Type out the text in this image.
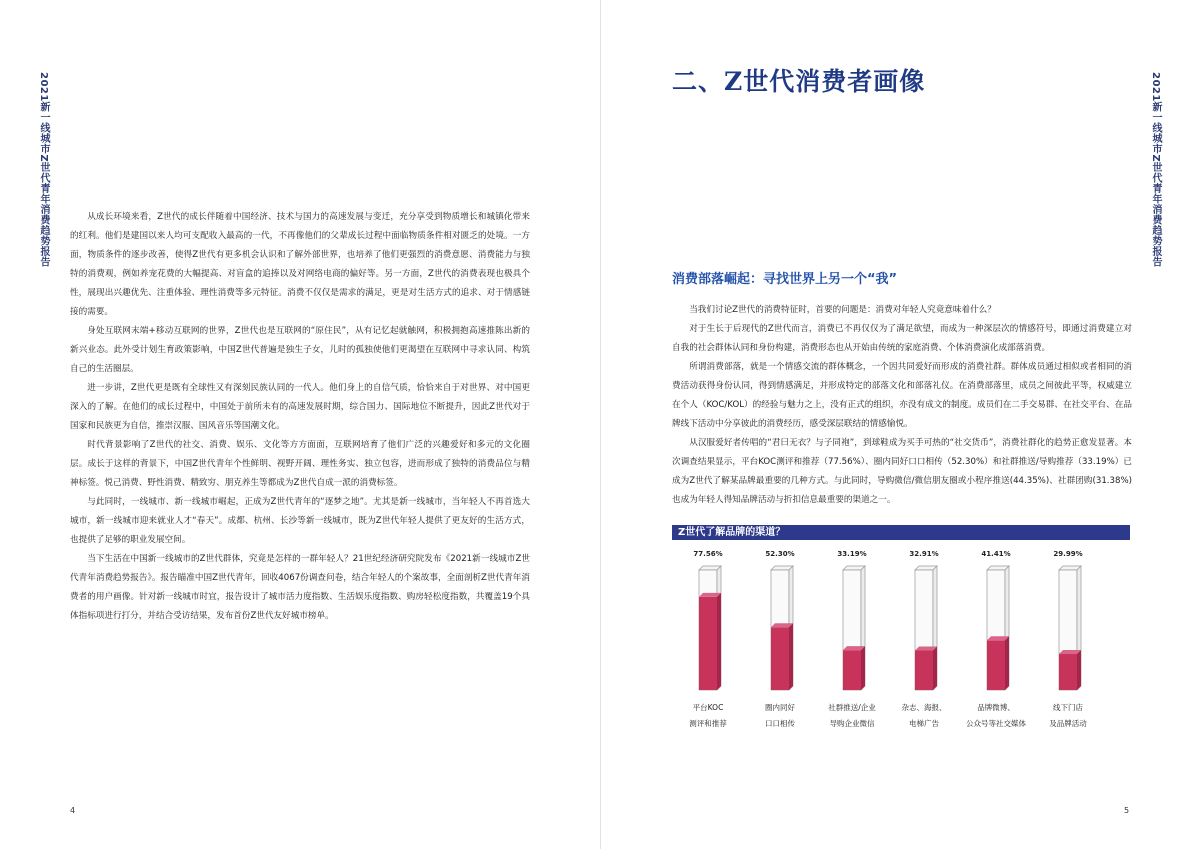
2021新一线城市Z世代青年消费趋势报告	2021新一线城市Z世代青年消费趋势报告

从成长环境来看，Z世代的成长伴随着中国经济、技术与国力的高速发展与变迁，充分享受到物质增长和城镇化带来的红利。他们是建国以来人均可支配收入最高的一代，不再像他们的父辈成长过程中面临物质条件相对匮乏的处境。一方面，物质条件的逐步改善，使得Z世代有更多机会认识和了解外部世界，也培养了他们更强烈的消费意愿、消费能力与独特的消费观，例如养宠花费的大幅提高、对盲盒的追捧以及对网络电商的偏好等。另一方面，Z世代的消费表现也极具个性，展现出兴趣优先、注重体验、理性消费等多元特征。消费不仅仅是需求的满足，更是对生活方式的追求、对于情感链接的需要。

身处互联网末端+移动互联网的世界，Z世代也是互联网的“原住民”，从有记忆起就触网，积极拥抱高速推陈出新的新兴业态。此外受计划生育政策影响，中国Z世代普遍是独生子女，儿时的孤独使他们更渴望在互联网中寻求认同、构筑自己的生活圈层。

进一步讲，Z世代更是既有全球性又有深刻民族认同的一代人。他们身上的自信气质，恰恰来自于对世界、对中国更深入的了解。在他们的成长过程中，中国处于前所未有的高速发展时期，综合国力、国际地位不断提升，因此Z世代对于国家和民族更为自信，推崇汉服、国风音乐等国潮文化。

时代背景影响了Z世代的社交、消费、娱乐、文化等方方面面，互联网培育了他们广泛的兴趣爱好和多元的文化圈层。成长于这样的背景下，中国Z世代青年个性鲜明、视野开阔、理性务实、独立包容，进而形成了独特的消费品位与精神标签。悦己消费、野性消费、精致穷、朋克养生等都成为Z世代自成一派的消费标签。

与此同时，一线城市、新一线城市崛起，正成为Z世代青年的“逐梦之地”。尤其是新一线城市，当年轻人不再首选大城市，新一线城市迎来就业人才“春天”。成都、杭州、长沙等新一线城市，既为Z世代年轻人提供了更友好的生活方式，也提供了足够的职业发展空间。

当下生活在中国新一线城市的Z世代群体，究竟是怎样的一群年轻人？21世纪经济研究院发布《2021新一线城市Z世代青年消费趋势报告》。报告瞄准中国Z世代青年，回收4067份调查问卷，结合年轻人的个案故事，全面剖析Z世代青年消费者的用户画像。针对新一线城市时宜，报告设计了城市活力度指数、生活娱乐度指数、购房轻松度指数，共覆盖19个具体指标项进行打分，并结合受访结果，发布首份Z世代友好城市榜单。

二、Z世代消费者画像
消费部落崛起：寻找世界上另一个“我”

当我们讨论Z世代的消费特征时，首要的问题是：消费对年轻人究竟意味着什么？

对于生长于后现代的Z世代而言，消费已不再仅仅为了满足欲望，而成为一种深层次的情感符号，即通过消费建立对自我的社会群体认同和身份构建，消费形态也从开始由传统的家庭消费、个体消费演化成部落消费。

所谓消费部落，就是一个情感交流的群体概念，一个因共同爱好而形成的消费社群。群体成员通过相似或者相同的消费活动获得身份认同，得到情感满足，并形成特定的部落文化和部落礼仪。在消费部落里，成员之间彼此平等，权威建立在个人（KOC/KOL）的经验与魅力之上，没有正式的组织，亦没有成文的制度。成员们在二手交易群、在社交平台、在品牌线下活动中分享彼此的消费经历，感受深层联结的情感愉悦。

从汉服爱好者传唱的“君曰无衣？与子同袍”，到球鞋成为买手可热的“社交货币”，消费社群化的趋势正愈发显著。本次调查结果显示，平台KOC测评和推荐（77.56%）、圈内同好口口相传（52.30%）和社群推送/导购推荐（33.19%）已成为Z世代了解某品牌最重要的几种方式。与此同时，导购微信/微信朋友圈或小程序推送(44.35%)、社群团购(31.38%)也成为年轻人得知品牌活动与折扣信息最重要的渠道之一。

Z世代了解品牌的渠道？
77.56%
平台KOC
测评和推荐
52.30%
圈内同好
口口相传
33.19%
社群推送/企业
导购企业微信
32.91%
杂志、海报、
电梯广告
41.41%
品牌微博、
公众号等社交媒体
29.99%
线下门店
及品牌活动
4	5
